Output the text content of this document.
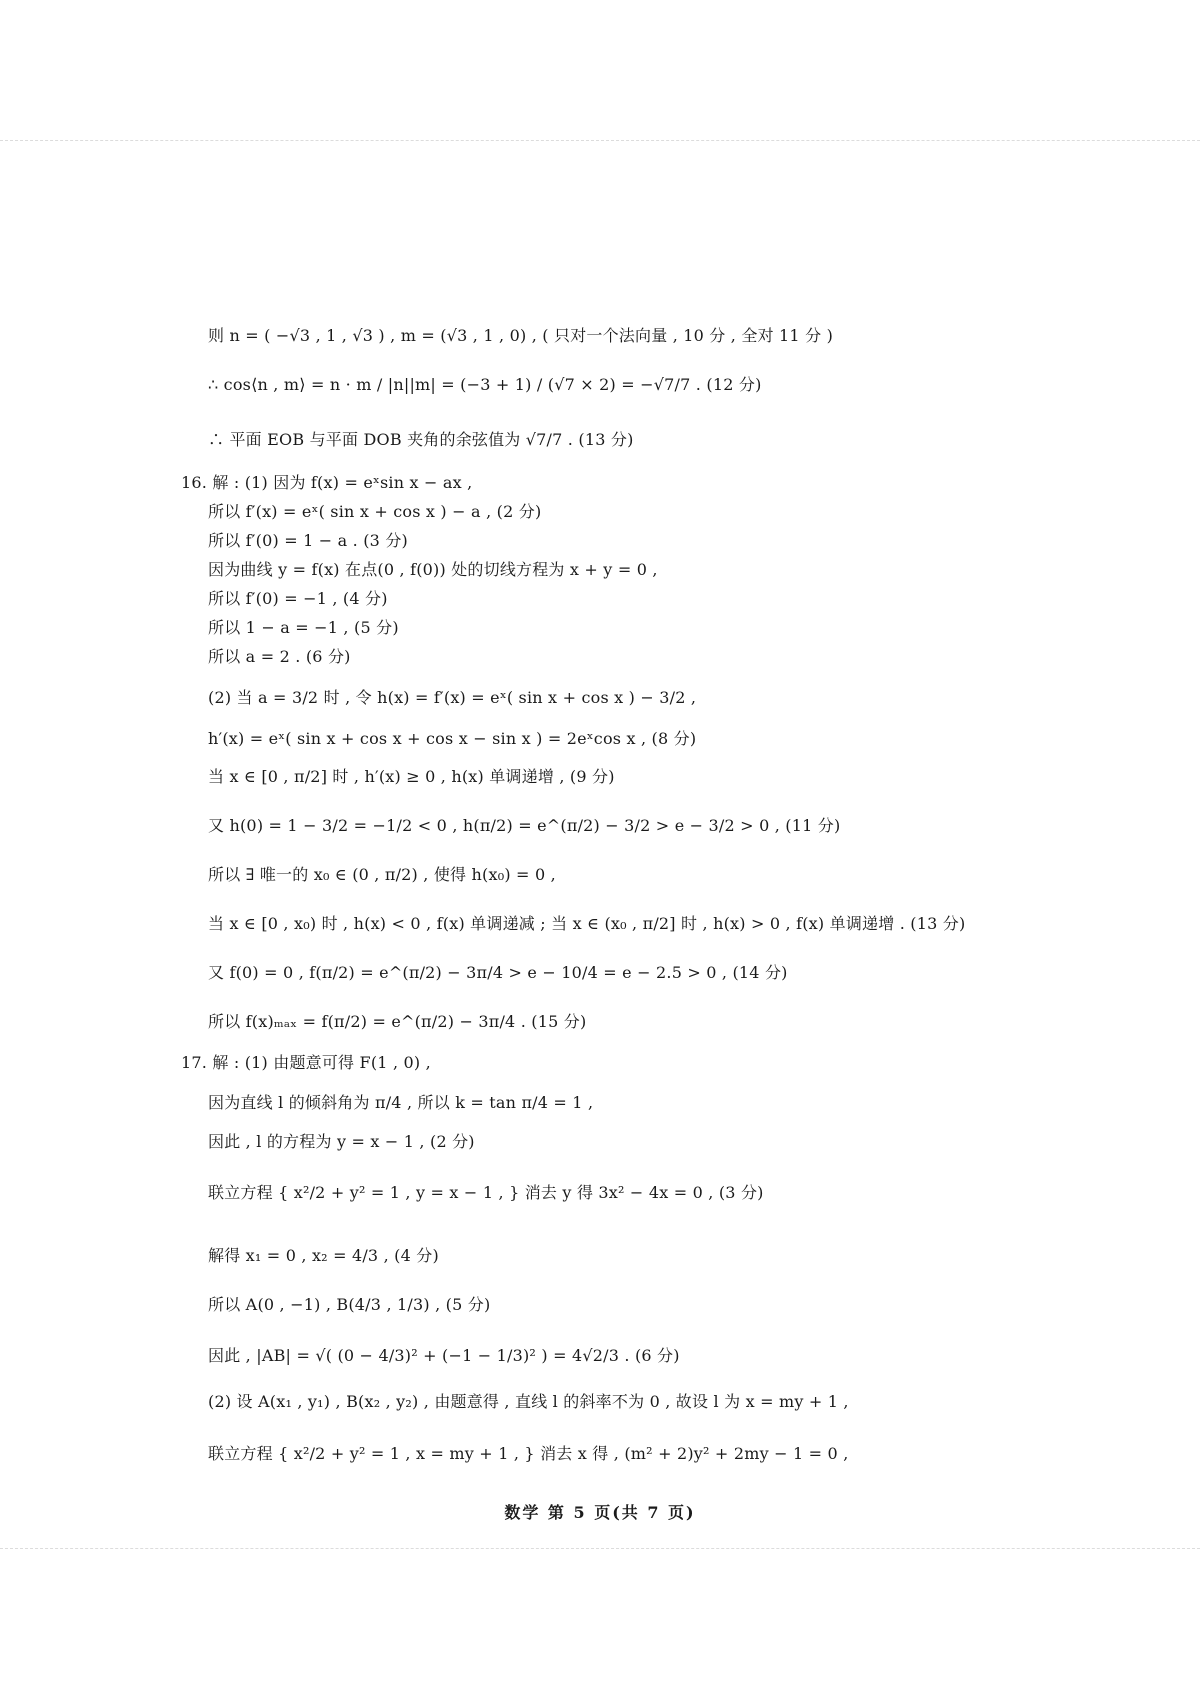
则 n = ( −√3 , 1 , √3 ) , m = (√3 , 1 , 0) , ( 只对一个法向量 , 10 分 , 全对 11 分 )
∴ cos⟨n , m⟩ = n · m / |n||m| = (−3 + 1) / (√7 × 2) = −√7/7 . (12 分)
∴ 平面 EOB 与平面 DOB 夹角的余弦值为 √7/7 . (13 分)
16. 解 : (1) 因为 f(x) = eˣsin x − ax ,
所以 f′(x) = eˣ( sin x + cos x ) − a , (2 分)
所以 f′(0) = 1 − a . (3 分)
因为曲线 y = f(x) 在点(0 , f(0)) 处的切线方程为 x + y = 0 ,
所以 f′(0) = −1 , (4 分)
所以 1 − a = −1 , (5 分)
所以 a = 2 . (6 分)
(2) 当 a = 3/2 时 , 令 h(x) = f′(x) = eˣ( sin x + cos x ) − 3/2 ,
h′(x) = eˣ( sin x + cos x + cos x − sin x ) = 2eˣcos x , (8 分)
当 x ∈ [0 , π/2] 时 , h′(x) ≥ 0 , h(x) 单调递增 , (9 分)
又 h(0) = 1 − 3/2 = −1/2 < 0 , h(π/2) = e^(π/2) − 3/2 > e − 3/2 > 0 , (11 分)
所以 ∃ 唯一的 x₀ ∈ (0 , π/2) , 使得 h(x₀) = 0 ,
当 x ∈ [0 , x₀) 时 , h(x) < 0 , f(x) 单调递减 ; 当 x ∈ (x₀ , π/2] 时 , h(x) > 0 , f(x) 单调递增 . (13 分)
又 f(0) = 0 , f(π/2) = e^(π/2) − 3π/4 > e − 10/4 = e − 2.5 > 0 , (14 分)
所以 f(x)ₘₐₓ = f(π/2) = e^(π/2) − 3π/4 . (15 分)
17. 解 : (1) 由题意可得 F(1 , 0) ,
因为直线 l 的倾斜角为 π/4 , 所以 k = tan π/4 = 1 ,
因此 , l 的方程为 y = x − 1 , (2 分)
联立方程 { x²/2 + y² = 1 , y = x − 1 , } 消去 y 得 3x² − 4x = 0 , (3 分)
解得 x₁ = 0 , x₂ = 4/3 , (4 分)
所以 A(0 , −1) , B(4/3 , 1/3) , (5 分)
因此 , |AB| = √( (0 − 4/3)² + (−1 − 1/3)² ) = 4√2/3 . (6 分)
(2) 设 A(x₁ , y₁) , B(x₂ , y₂) , 由题意得 , 直线 l 的斜率不为 0 , 故设 l 为 x = my + 1 ,
联立方程 { x²/2 + y² = 1 , x = my + 1 , } 消去 x 得 , (m² + 2)y² + 2my − 1 = 0 ,
数学 第 5 页(共 7 页)
